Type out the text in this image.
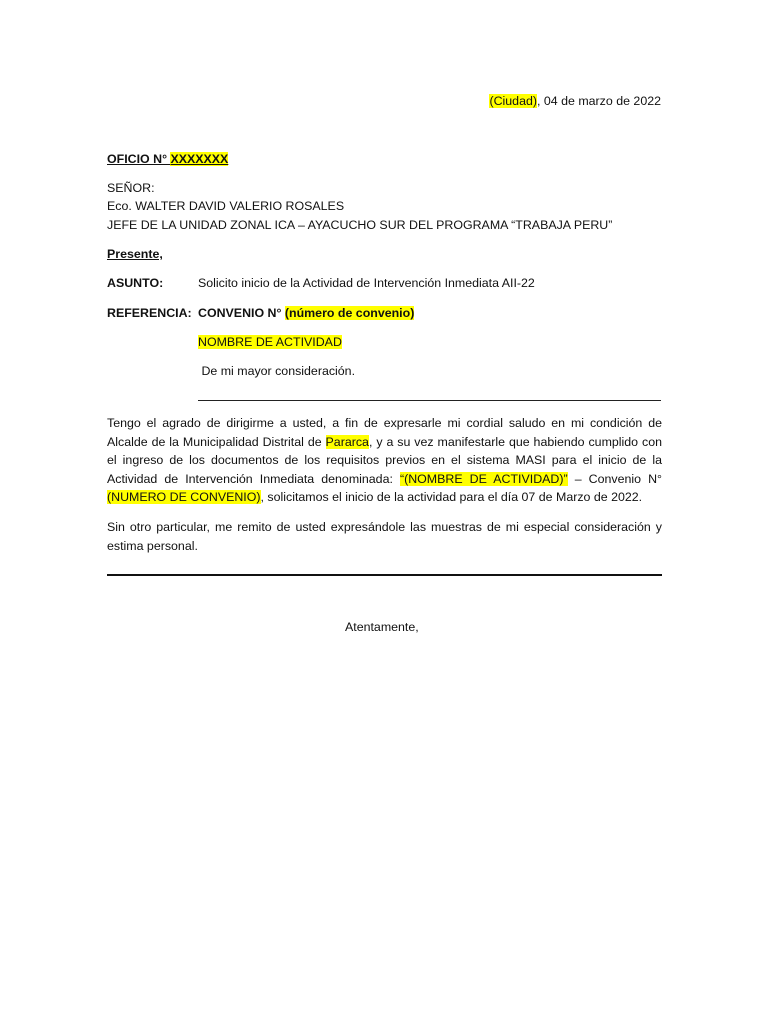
(Ciudad), 04 de marzo de 2022
OFICIO N° XXXXXXX
SEÑOR:
Eco. WALTER DAVID VALERIO ROSALES
JEFE DE LA UNIDAD ZONAL ICA – AYACUCHO SUR DEL PROGRAMA “TRABAJA PERU”
Presente,
ASUNTO:	Solicito inicio de la Actividad de Intervención Inmediata AII-22
REFERENCIA: CONVENIO N° (número de convenio)
NOMBRE DE ACTIVIDAD
De mi mayor consideración.
Tengo el agrado de dirigirme a usted, a fin de expresarle mi cordial saludo en mi condición de Alcalde de la Municipalidad Distrital de Pararca, y a su vez manifestarle que habiendo cumplido con el ingreso de los documentos de los requisitos previos en el sistema MASI para el inicio de la Actividad de Intervención Inmediata denominada: “(NOMBRE DE ACTIVIDAD)” – Convenio N° (NUMERO DE CONVENIO), solicitamos el inicio de la actividad para el día 07 de Marzo de 2022.
Sin otro particular, me remito de usted expresándole las muestras de mi especial consideración y estima personal.
Atentamente,
